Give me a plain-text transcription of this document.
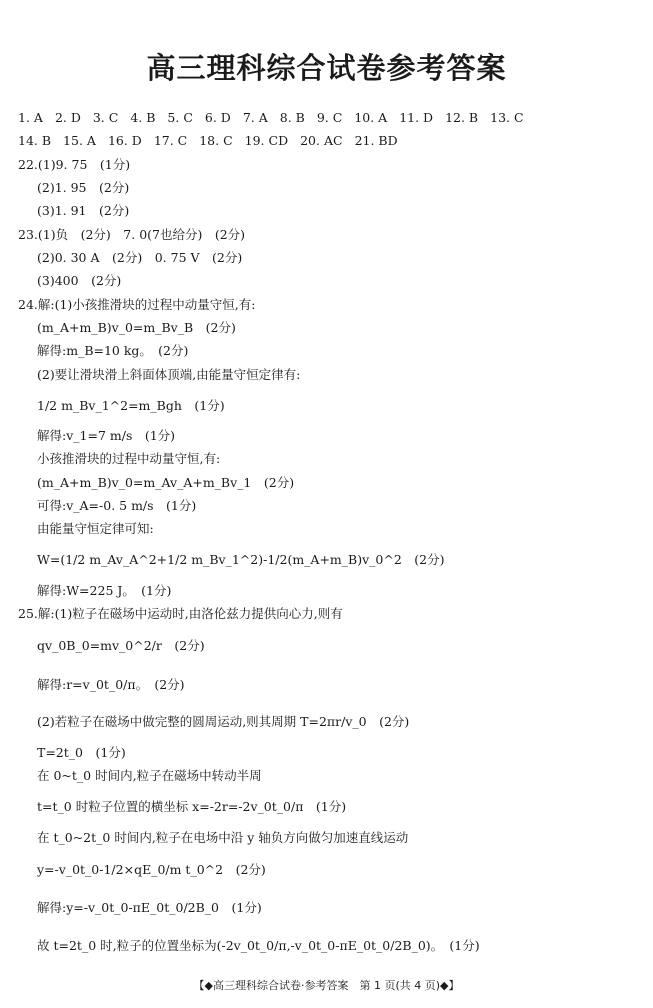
高三理科综合试卷参考答案
1. A 2. D 3. C 4. B 5. C 6. D 7. A 8. B 9. C 10. A 11. D 12. B 13. C
14. B 15. A 16. D 17. C 18. C 19. CD 20. AC 21. BD
22.(1)9. 75　(1分)
(2)1. 95　(2分)
(3)1. 91　(2分)
23.(1)负　(2分)　7. 0(7也给分)　(2分)
(2)0. 30 A　(2分)　0. 75 V　(2分)
(3)400　(2分)
24.解:(1)小孩推滑块的过程中动量守恒,有:
(m_A+m_B)v_0=m_Bv_B　(2分)
解得:m_B=10 kg。　(2分)
(2)要让滑块滑上斜面体顶端,由能量守恒定律有:
1/2 m_Bv_1^2=m_Bgh　(1分)
解得:v_1=7 m/s　(1分)
小孩推滑块的过程中动量守恒,有:
(m_A+m_B)v_0=m_Av_A+m_Bv_1　(2分)
可得:v_A=-0. 5 m/s　(1分)
由能量守恒定律可知:
W=(1/2 m_Av_A^2+1/2 m_Bv_1^2)-1/2(m_A+m_B)v_0^2　(2分)
解得:W=225 J。　(1分)
25.解:(1)粒子在磁场中运动时,由洛伦兹力提供向心力,则有
qv_0B_0=mv_0^2/r　(2分)
解得:r=v_0t_0/π。　(2分)
(2)若粒子在磁场中做完整的圆周运动,则其周期 T=2πr/v_0　(2分)
T=2t_0　(1分)
在 0~t_0 时间内,粒子在磁场中转动半周
t=t_0 时粒子位置的横坐标 x=-2r=-2v_0t_0/π　(1分)
在 t_0~2t_0 时间内,粒子在电场中沿 y 轴负方向做匀加速直线运动
y=-v_0t_0-1/2×qE_0/m t_0^2　(2分)
解得:y=-v_0t_0-πE_0t_0/2B_0　(1分)
故 t=2t_0 时,粒子的位置坐标为(-2v_0t_0/π,-v_0t_0-πE_0t_0/2B_0)。　(1分)
【◆高三理科综合试卷·参考答案　第 1 页(共 4 页)◆】
